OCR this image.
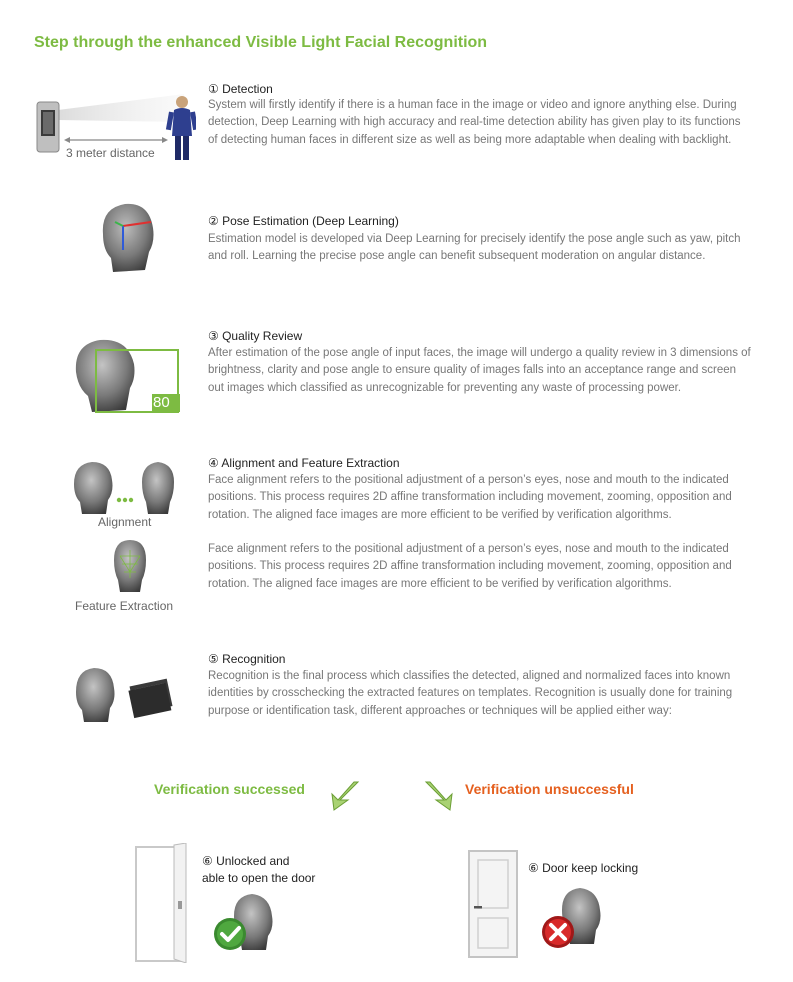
Step through the enhanced Visible Light Facial Recognition
3 meter distance
① Detection
System will firstly identify if there is a human face in the image or video and ignore anything else. During detection, Deep Learning with high accuracy and real-time detection ability has given play to its functions of detecting human faces in different size as well as being more adaptable when dealing with backlight.
② Pose Estimation (Deep Learning)
Estimation model is developed via Deep Learning for precisely identify the pose angle such as yaw, pitch and roll. Learning the precise pose angle can benefit subsequent moderation on angular distance.
80
③ Quality Review
After estimation of the pose angle of input faces, the image will undergo a quality review in 3 dimensions of brightness, clarity and pose angle to ensure quality of images falls into an acceptance range and screen out images which classified as unrecognizable for preventing any waste of processing power.
Alignment
Feature Extraction
④ Alignment and Feature Extraction
Face alignment refers to the positional adjustment of a person’s eyes, nose and mouth to the indicated positions. This process requires 2D affine transformation including movement, zooming, opposition and rotation. The aligned face images are more efficient to be verified by verification algorithms.
Face alignment refers to the positional adjustment of a person’s eyes, nose and mouth to the indicated positions. This process requires 2D affine transformation including movement, zooming, opposition and rotation. The aligned face images are more efficient to be verified by verification algorithms.
⑤ Recognition
Recognition is the final process which classifies the detected, aligned and normalized faces into known identities by crosschecking the extracted features on templates. Recognition is usually done for training purpose or identification task, different approaches or techniques will be applied either way:
Verification successed	Verification unsuccessful
⑥ Unlocked and
able to open the door
⑥ Door keep locking
